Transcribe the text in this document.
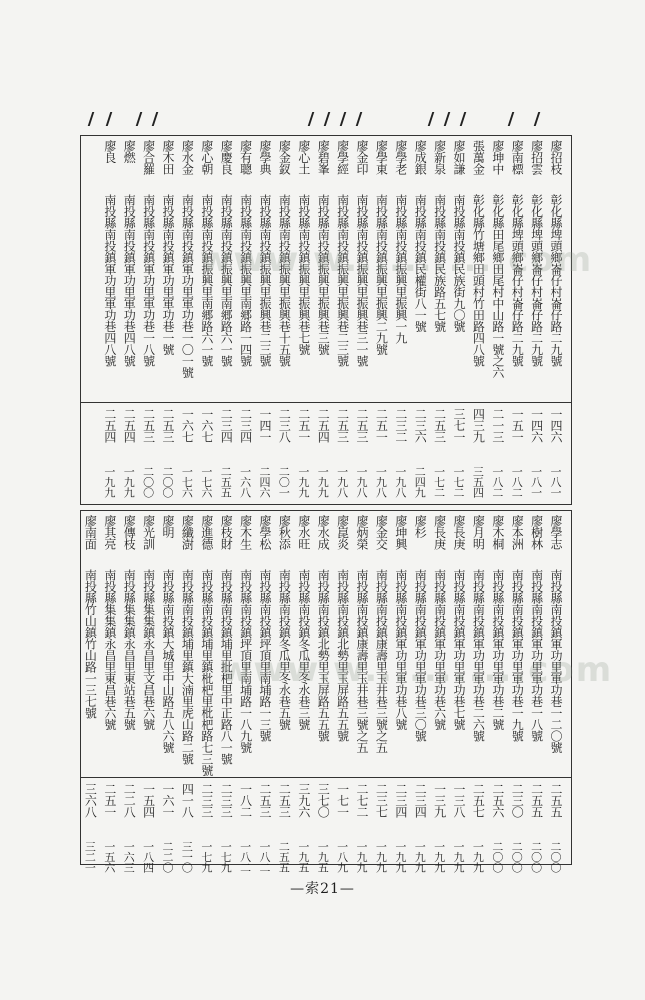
廖招枝
彰化縣埤頭鄉崙仔村崙仔路二九號
一四六
一八一
廖招雲
彰化縣埤頭鄉崙仔村崙仔路二九號
一四六
一八一
廖南標
彰化縣埤頭鄉崙仔村崙仔路二九號
一五一
一八二
廖坤中
彰化縣田尾鄉田尾村中山路一號之六
二一三
一八二
張萬金
彰化縣竹塘鄉田頭村竹田路四八號
四三九
三五四
廖如謙
南投縣南投鎮民族街九〇號
三七一
一七二
廖新泉
南投縣南投鎮民族路五七號
二五三
一七二
廖成銀
南投縣南投鎮民權街八一號
二三六
二四九
廖學老
南投縣南投鎮振興里振興一九
二三二
一九八
廖學東
南投縣南投鎮振興里振興二九號
二五一
一九八
廖金印
南投縣南投鎮振興里振興巷三一號
二五三
一九八
廖學經
南投縣南投鎮振興里振興巷二三號
二五三
一九八
廖碧峯
南投縣南投鎮振興里振興巷三號
二五四
一九九
廖心土
南投縣南投鎮振興里振興巷七號
二五一
一九九
廖金釵
南投縣南投鎮振興里振興巷十五號
二三八
二〇一
廖學典
南投縣南投鎮振興里振興巷二三號
一四一
二四六
廖有聰
南投縣南投鎮振興里南郷路一四號
二三四
一六八
廖慶良
南投縣南投鎮振興里南郷路六一號
二三四
二五五
廖心朝
南投縣南投鎮振興里南郷路六一號
一六七
一七六
廖水金
南投縣南投鎮軍功里軍功巷一〇一號
一六七
一七六
廖木田
南投縣南投鎮軍功里軍功巷一號
二五三
二〇〇
廖合羅
南投縣南投鎮軍功里軍功巷一八號
二五三
二〇〇
廖燃
南投縣南投鎮軍功里軍功巷四八號
二五四
一九九
廖良
南投縣南投鎮軍功里軍功巷四八號
二五四
一九九
廖學志
南投縣南投鎮軍功里軍功巷一二〇號
二五五
二〇〇
廖樹林
南投縣南投鎮軍功里軍功巷一八號
二五五
二〇〇
廖本洲
南投縣南投鎮軍功里軍功巷一九號
二三〇
二〇〇
廖木桐
南投縣南投鎮軍功里軍功巷二號
二五六
二〇〇
廖月明
南投縣南投鎮軍功里軍功巷二六號
二五七
一九九
廖長庚
南投縣南投鎮軍功里軍功巷七號
一三八
一九九
廖長庚
南投縣南投鎮軍功里軍功巷六號
一三九
一九九
廖杉
南投縣南投鎮軍功里軍功巷三〇號
二三四
一九九
廖坤興
南投縣南投鎮軍功里軍功巷八號
二三四
一九九
廖金交
南投縣南投鎮康壽里玉井巷三號之五
二三七
一九九
廖炳榮
南投縣南投鎮康壽里玉井巷三號之五
二七二
一九九
廖崑炎
南投縣南投鎮北勢里玉屏路五五號
一七一
一八九
廖水成
南投縣南投鎮北勢里玉屏路五五號
三七〇
一九五
廖水旺
南投縣南投鎮冬瓜里冬水巷三號
三九六
一九五
廖秋添
南投縣南投鎮冬瓜里冬水巷五號
二五三
二五五
廖學松
南投縣南投鎮坪頂里南埔路一三號
二五三
一八二
廖木生
南投縣南投鎮坪頂里南埔路一八九號
一八二
一八二
廖枝財
南投縣南投鎮埔里批杷里中正路八一號
二三三
一七九
廖進德
南投縣南投鎮埔里鎮枇杷里枇杷路七三號
二三三
一七九
廖纖澍
南投縣南投鎮埔里鎮大湳里虎山路二號
四一八
三一〇
廖明
南投縣南投鎮大城里中山路五八六號
一六一
二二〇
廖光訓
南投縣集集鎮永昌里文昌巷六號
一五四
一八四
廖傳枝
南投縣集集鎮永昌里東站巷五號
二二八
一六三
廖其亮
南投縣集集鎮永昌里東昌巷六號
二五一
一五六
廖南面
南投縣竹山鎮竹山路一三七號
三六八
三二一
—索21—
www.w...........com
www.w...........com
